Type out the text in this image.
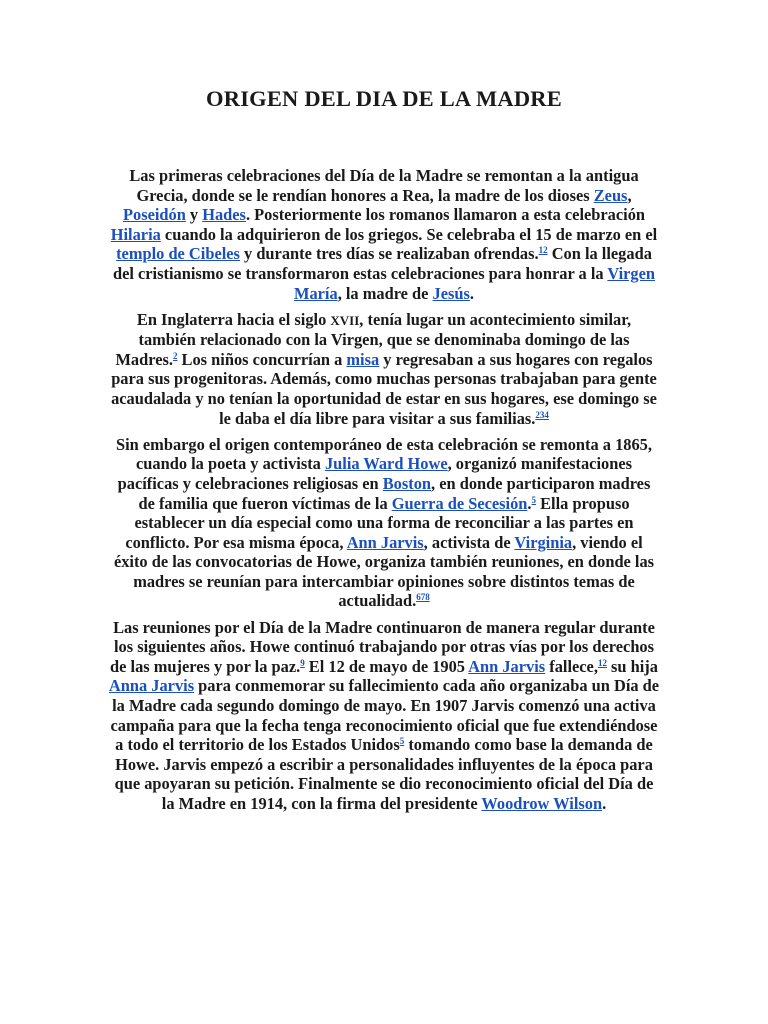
ORIGEN DEL DIA DE LA MADRE

Las primeras celebraciones del Día de la Madre se remontan a la antigua Grecia, donde se le rendían honores a Rea, la madre de los dioses Zeus, Poseidón y Hades. Posteriormente los romanos llamaron a esta celebración Hilaria cuando la adquirieron de los griegos. Se celebraba el 15 de marzo en el templo de Cibeles y durante tres días se realizaban ofrendas.$^{12}$ Con la llegada del cristianismo se transformaron estas celebraciones para honrar a la Virgen María, la madre de Jesús.

En Inglaterra hacia el siglo XVII, tenía lugar un acontecimiento similar, también relacionado con la Virgen, que se denominaba domingo de las Madres.$^2$ Los niños concurrían a misa y regresaban a sus hogares con regalos para sus progenitoras. Además, como muchas personas trabajaban para gente acaudalada y no tenían la oportunidad de estar en sus hogares, ese domingo se le daba el día libre para visitar a sus familias.$^{234}$

Sin embargo el origen contemporáneo de esta celebración se remonta a 1865, cuando la poeta y activista Julia Ward Howe, organizó manifestaciones pacíficas y celebraciones religiosas en Boston, en donde participaron madres de familia que fueron víctimas de la Guerra de Secesión.$^5$ Ella propuso establecer un día especial como una forma de reconciliar a las partes en conflicto. Por esa misma época, Ann Jarvis, activista de Virginia, viendo el éxito de las convocatorias de Howe, organiza también reuniones, en donde las madres se reunían para intercambiar opiniones sobre distintos temas de actualidad.$^{678}$

Las reuniones por el Día de la Madre continuaron de manera regular durante los siguientes años. Howe continuó trabajando por otras vías por los derechos de las mujeres y por la paz.$^9$ El 12 de mayo de 1905 Ann Jarvis fallece,$^{12}$ su hija Anna Jarvis para conmemorar su fallecimiento cada año organizaba un Día de la Madre cada segundo domingo de mayo. En 1907 Jarvis comenzó una activa campaña para que la fecha tenga reconocimiento oficial que fue extendiéndose a todo el territorio de los Estados Unidos$^5$ tomando como base la demanda de Howe. Jarvis empezó a escribir a personalidades influyentes de la época para que apoyaran su petición. Finalmente se dio reconocimiento oficial del Día de la Madre en 1914, con la firma del presidente Woodrow Wilson.
